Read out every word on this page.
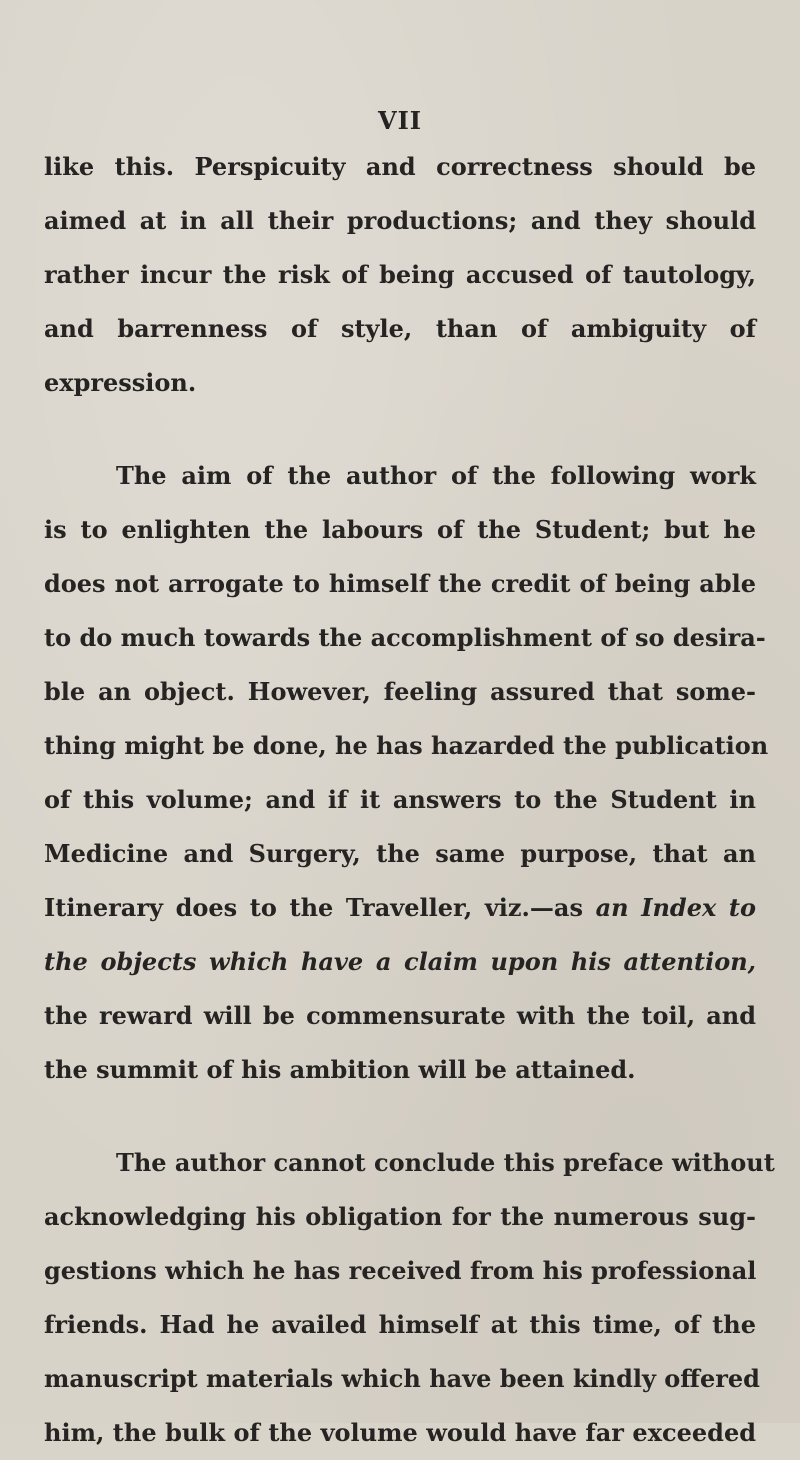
VII

like this. Perspicuity and correctness should be
aimed at in all their productions; and they should
rather incur the risk of being accused of tautology,
and barrenness of style, than of ambiguity of
expression.

The aim of the author of the following work
is to enlighten the labours of the Student; but he
does not arrogate to himself the credit of being able
to do much towards the accomplishment of so desira-
ble an object. However, feeling assured that some-
thing might be done, he has hazarded the publication
of this volume; and if it answers to the Student in
Medicine and Surgery, the same purpose, that an
Itinerary does to the Traveller, viz.—as an Index to
the objects which have a claim upon his attention,
the reward will be commensurate with the toil, and
the summit of his ambition will be attained.

The author cannot conclude this preface without
acknowledging his obligation for the numerous sug-
gestions which he has received from his professional
friends. Had he availed himself at this time, of the
manuscript materials which have been kindly offered
him, the bulk of the volume would have far exceeded
